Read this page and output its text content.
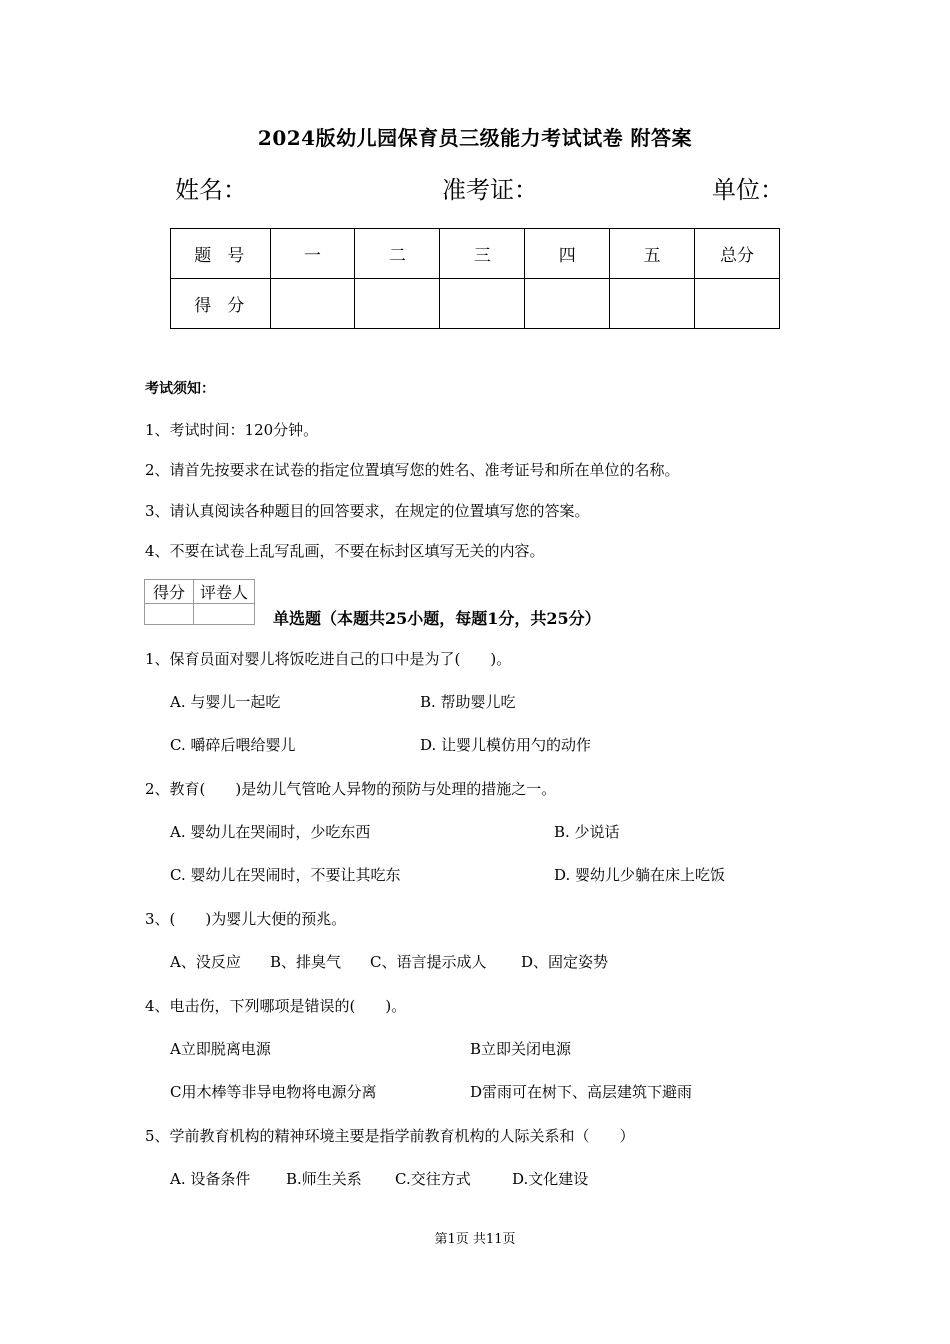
2024版幼儿园保育员三级能力考试试卷 附答案
姓名：	准考证：	单位：
题号	一	二	三	四	五	总分
得分						
考试须知：
1、考试时间：120分钟。
2、请首先按要求在试卷的指定位置填写您的姓名、准考证号和所在单位的名称。
3、请认真阅读各种题目的回答要求，在规定的位置填写您的答案。
4、不要在试卷上乱写乱画，不要在标封区填写无关的内容。
得分	评卷人

单选题（本题共25小题，每题1分，共25分）
1、保育员面对婴儿将饭吃进自己的口中是为了(　　)。
A. 与婴儿一起吃	B. 帮助婴儿吃
C. 嚼碎后喂给婴儿	D. 让婴儿模仿用勺的动作
2、教育(　　)是幼儿气管呛人异物的预防与处理的措施之一。
A. 婴幼儿在哭闹时，少吃东西	B. 少说话
C. 婴幼儿在哭闹时，不要让其吃东	D. 婴幼儿少躺在床上吃饭
3、(　　)为婴儿大便的预兆。
A、没反应 B、排臭气 C、语言提示成人 D、固定姿势
4、电击伤，下列哪项是错误的(　　)。
A立即脱离电源	B立即关闭电源
C用木棒等非导电物将电源分离	D雷雨可在树下、高层建筑下避雨
5、学前教育机构的精神环境主要是指学前教育机构的人际关系和（　　）
A. 设备条件 B.师生关系 C.交往方式	D.文化建设
第1页 共11页
